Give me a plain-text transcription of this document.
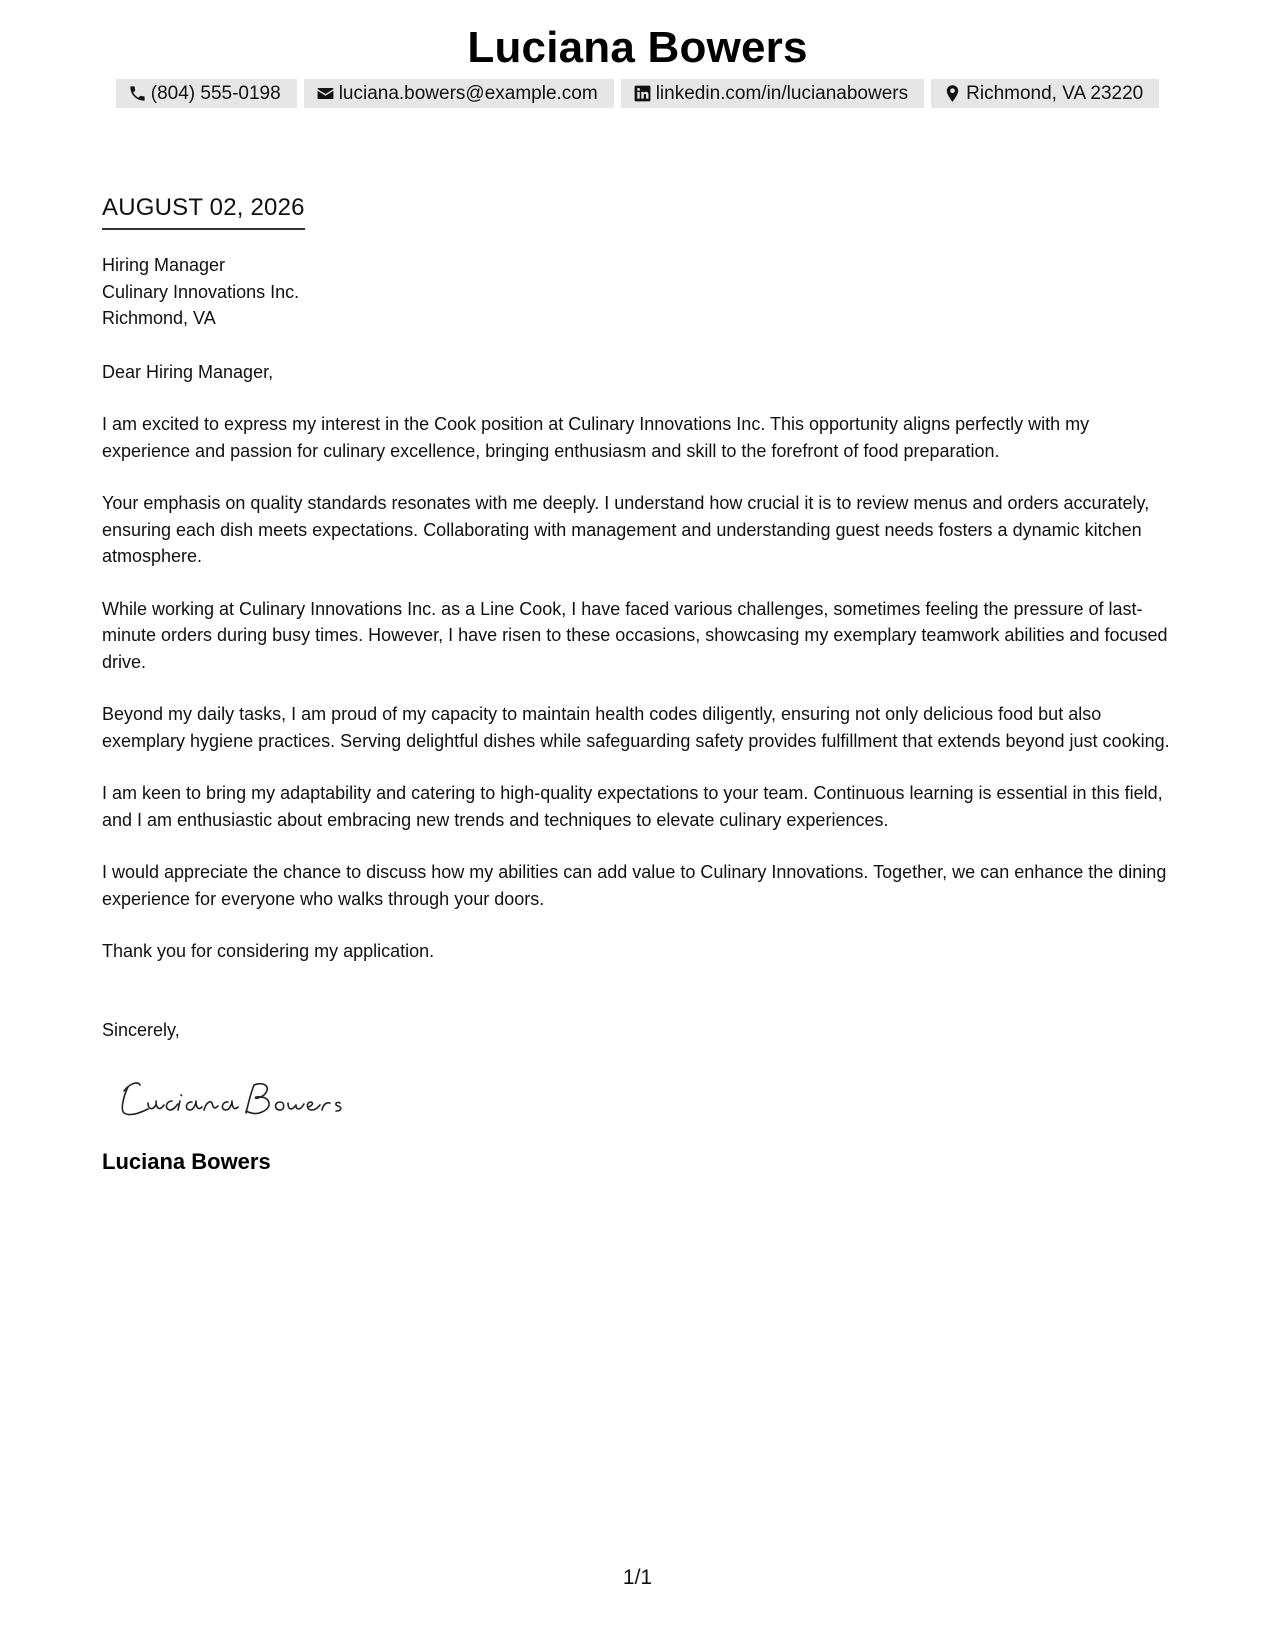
Luciana Bowers
(804) 555-0198	luciana.bowers@example.com	linkedin.com/in/lucianabowers	Richmond, VA 23220
AUGUST 02, 2026
Hiring Manager
Culinary Innovations Inc.
Richmond, VA
Dear Hiring Manager,
I am excited to express my interest in the Cook position at Culinary Innovations Inc. This opportunity aligns perfectly with my experience and passion for culinary excellence, bringing enthusiasm and skill to the forefront of food preparation.
Your emphasis on quality standards resonates with me deeply. I understand how crucial it is to review menus and orders accurately, ensuring each dish meets expectations. Collaborating with management and understanding guest needs fosters a dynamic kitchen atmosphere.
While working at Culinary Innovations Inc. as a Line Cook, I have faced various challenges, sometimes feeling the pressure of last-minute orders during busy times. However, I have risen to these occasions, showcasing my exemplary teamwork abilities and focused drive.
Beyond my daily tasks, I am proud of my capacity to maintain health codes diligently, ensuring not only delicious food but also exemplary hygiene practices. Serving delightful dishes while safeguarding safety provides fulfillment that extends beyond just cooking.
I am keen to bring my adaptability and catering to high-quality expectations to your team. Continuous learning is essential in this field, and I am enthusiastic about embracing new trends and techniques to elevate culinary experiences.
I would appreciate the chance to discuss how my abilities can add value to Culinary Innovations. Together, we can enhance the dining experience for everyone who walks through your doors.
Thank you for considering my application.
Sincerely,
Luciana Bowers
1/1
